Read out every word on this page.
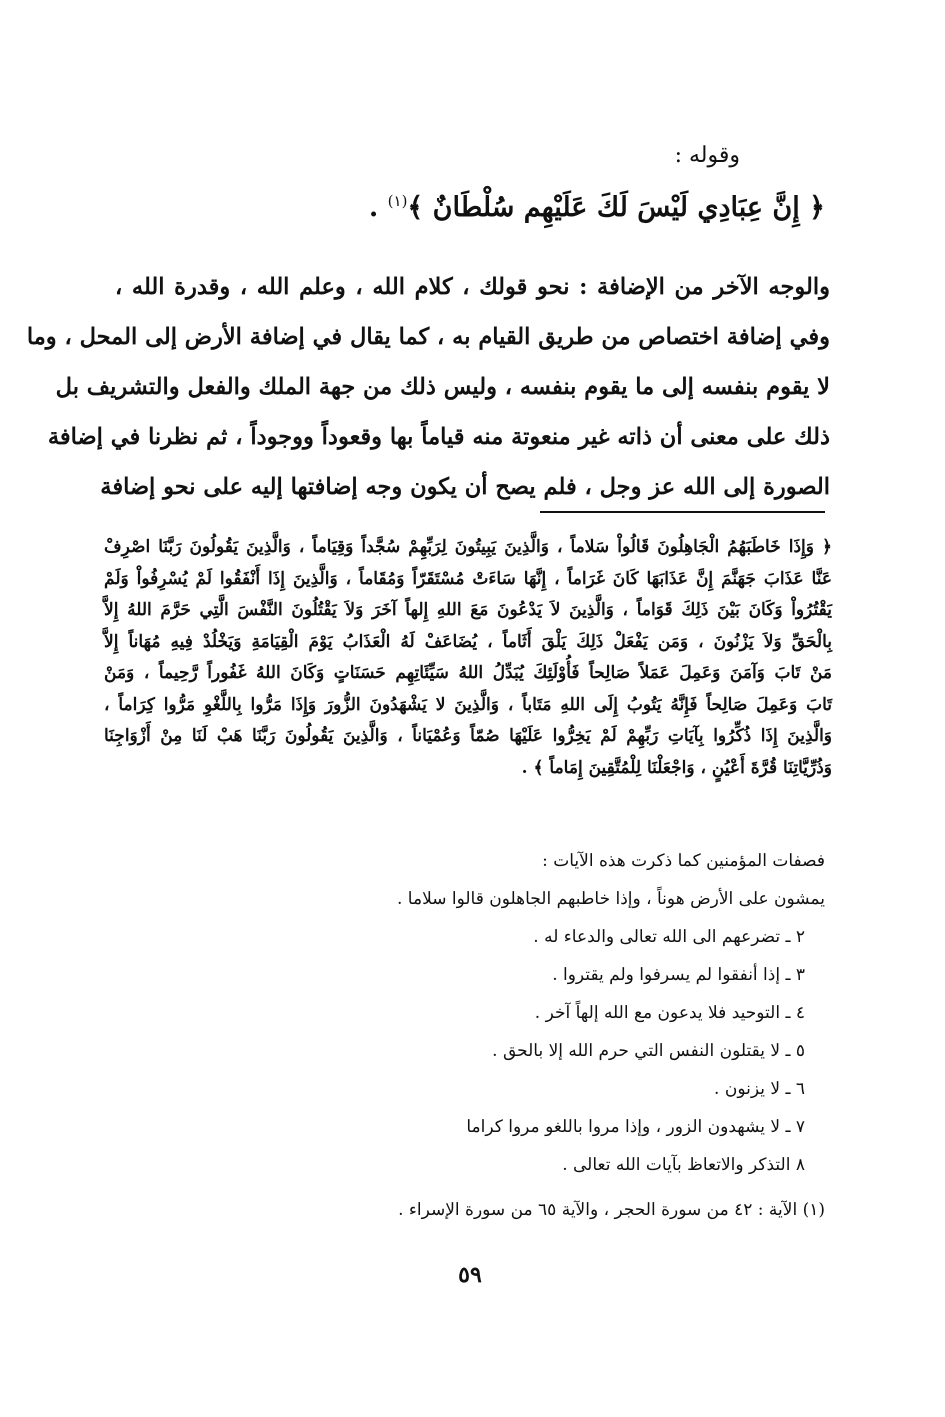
وقوله :
﴿ إِنَّ عِبَادِي لَيْسَ لَكَ عَلَيْهِم سُلْطَانٌ ﴾$^{(١)}$ .
والوجه الآخر من الإضافة : نحو قولك ، كلام الله ، وعلم الله ، وقدرة الله ،
وفي إضافة اختصاص من طريق القيام به ، كما يقال في إضافة الأرض إلى المحل ، وما
لا يقوم بنفسه إلى ما يقوم بنفسه ، وليس ذلك من جهة الملك والفعل والتشريف بل
ذلك على معنى أن ذاته غير منعوتة منه قياماً بها وقعوداً ووجوداً ، ثم نظرنا في إضافة
الصورة إلى الله عز وجل ، فلم يصح أن يكون وجه إضافتها إليه على نحو إضافة
﴿ وَإِذَا خَاطَبَهُمُ الْجَاهِلُونَ قَالُواْ سَلاماً ، وَالَّذِينَ يَبِيتُونَ لِرَبِّهِمْ سُجَّداً وَقِيَاماً ، وَالَّذِينَ يَقُولُونَ رَبَّنَا اصْرِفْ
عَنَّا عَذَابَ جَهَنَّمَ إِنَّ عَذَابَهَا كَانَ غَرَاماً ، إِنَّهَا سَاءَتْ مُسْتَقَرّاً وَمُقَاماً ، وَالَّذِينَ إِذَا أَنْفَقُوا لَمْ يُسْرِفُواْ وَلَمْ
يَقْتُرُواْ وَكَانَ بَيْنَ ذَلِكَ قَوَاماً ، وَالَّذِينَ لاَ يَدْعُونَ مَعَ اللهِ إِلهاً آخَرَ وَلاَ يَقْتُلُونَ النَّفْسَ الَّتِي حَرَّمَ اللهُ إِلاَّ
بِالْحَقِّ وَلاَ يَزْنُونَ ، وَمَن يَفْعَلْ ذَلِكَ يَلْقَ أَثَاماً ، يُضَاعَفْ لَهُ الْعَذَابُ يَوْمَ الْقِيَامَةِ وَيَخْلُدْ فِيهِ مُهَاناً إِلاَّ
مَنْ تَابَ وَآمَنَ وَعَمِلَ عَمَلاً صَالِحاً فَأُوْلَئِكَ يُبَدِّلُ اللهُ سَيِّئَاتِهِم حَسَنَاتٍ وَكَانَ اللهُ غَفُوراً رَّحِيماً ، وَمَنْ
تَابَ وَعَمِلَ صَالِحاً فَإِنَّهُ يَتُوبُ إِلَى اللهِ مَتَاباً ، وَالَّذِينَ لا يَشْهَدُونَ الزُّورَ وَإِذَا مَرُّوا بِاللَّغْوِ مَرُّوا كِرَاماً ،
وَالَّذِينَ إِذَا ذُكِّرُوا بِآيَاتِ رَبِّهِمْ لَمْ يَخِرُّوا عَلَيْهَا صُمّاً وَعُمْيَاناً ، وَالَّذِينَ يَقُولُونَ رَبَّنَا هَبْ لَنَا مِنْ أَزْوَاجِنَا
وَذُرِّيَّاتِنَا قُرَّةَ أَعْيُنٍ ، وَاجْعَلْنَا لِلْمُتَّقِينَ إِمَاماً ﴾ .
فصفات المؤمنين كما ذكرت هذه الآيات :
يمشون على الأرض هوناً ، وإذا خاطبهم الجاهلون قالوا سلاما .
٢ ـ تضرعهم الى الله تعالى والدعاء له .
٣ ـ إذا أنفقوا لم يسرفوا ولم يقتروا .
٤ ـ التوحيد فلا يدعون مع الله إلهاً آخر .
٥ ـ لا يقتلون النفس التي حرم الله إلا بالحق .
٦ ـ لا يزنون .
٧ ـ لا يشهدون الزور ، وإذا مروا باللغو مروا كراما
٨ التذكر والاتعاظ بآيات الله تعالى .
(١) الآية : ٤٢ من سورة الحجر ، والآية ٦٥ من سورة الإسراء .
٥٩
